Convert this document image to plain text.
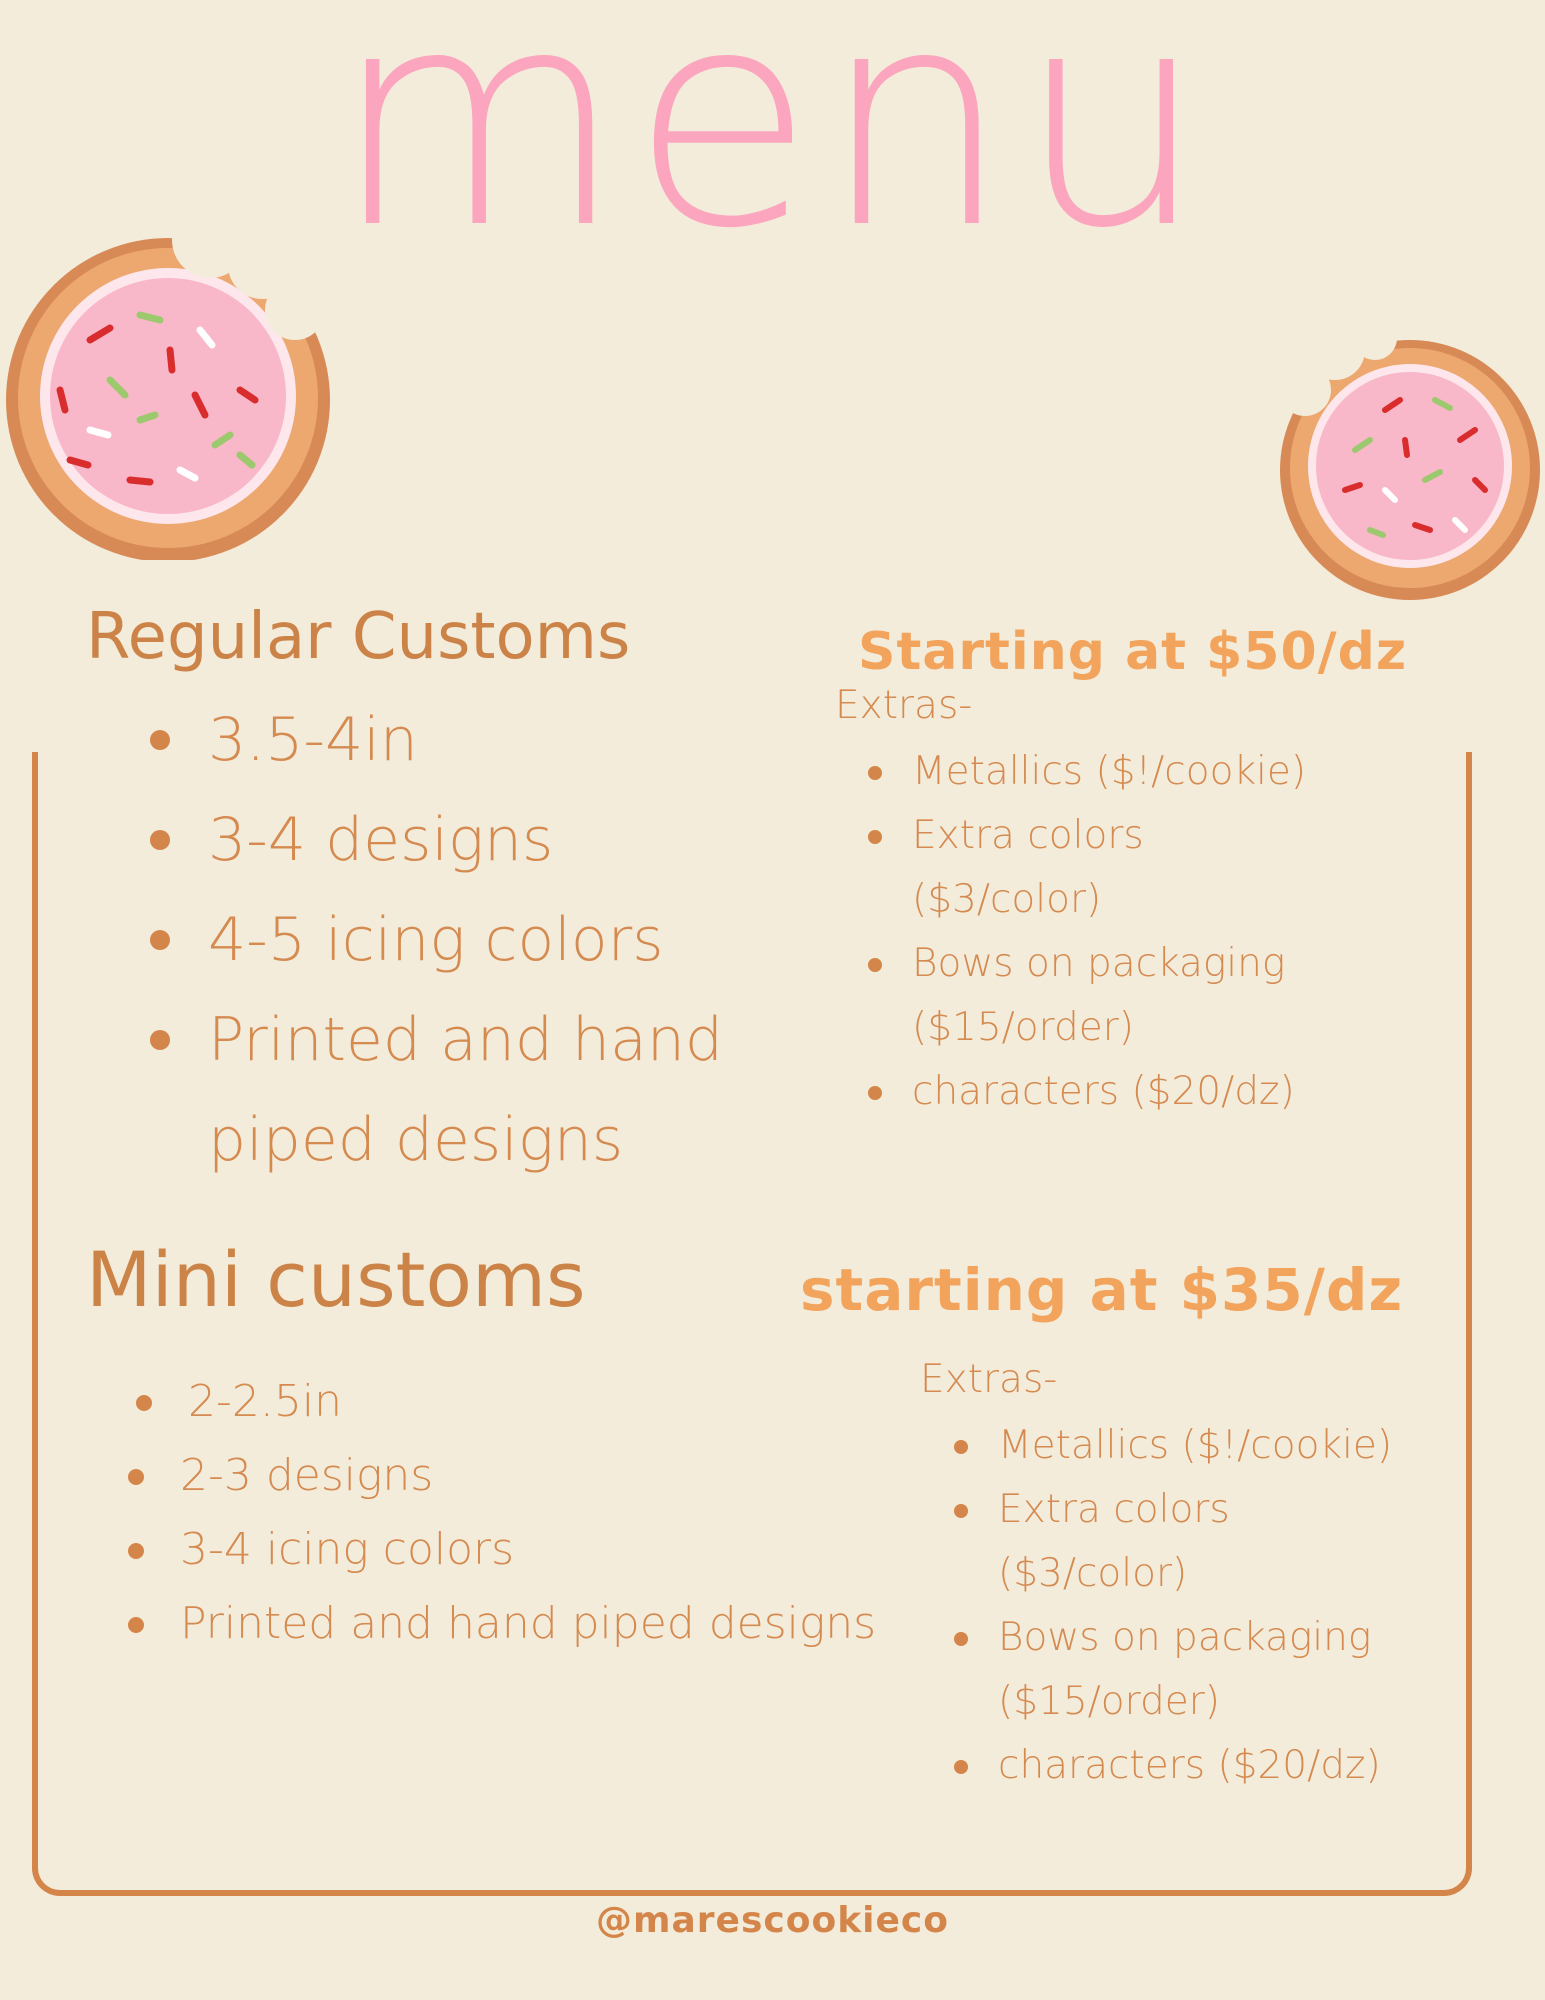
menu
Regular Customs	Starting at $50/dz
3.5-4in
3-4 designs
4-5 icing colors
Printed and hand piped designs
Extras-
Metallics ($!/cookie)
Extra colors ($3/color)
Bows on packaging ($15/order)
characters ($20/dz)
Mini customs	starting at $35/dz
2-2.5in
2-3 designs
3-4 icing colors
Printed and hand piped designs
Extras-
Metallics ($!/cookie)
Extra colors ($3/color)
Bows on packaging ($15/order)
characters ($20/dz)
@marescookieco
